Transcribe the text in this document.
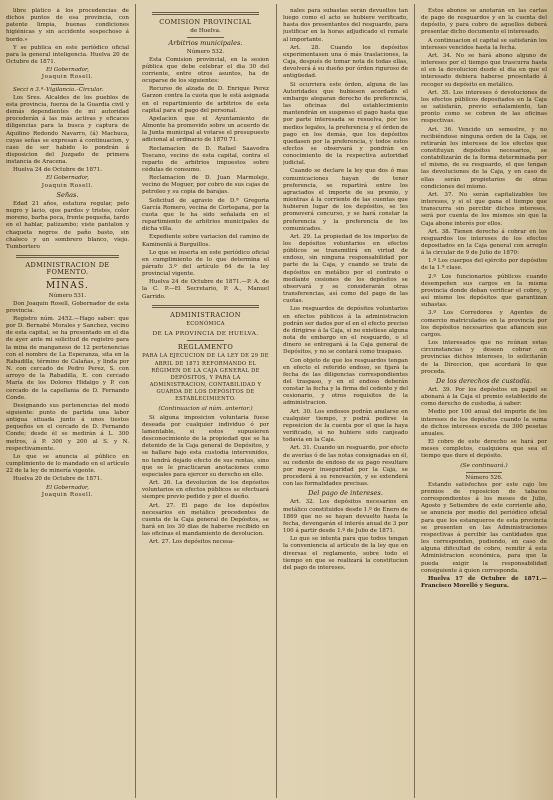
libre plático á los procedencias de dichos puntos de esa provincia, con patente limpia, buenas condiciones higiénicas y sin accidente sospechoso á bordo.»

Y se publica en este periódico oficial para la general inteligencia. Huelva 20 de Octubre de 1871.

El Gobernador,
Joaquin Rosell.

Secci n 3.ª–Vigilancia.–Circular.

Los Sres. Alcaldes de los pueblos de esta provincia, fuerza de la Guardia civil y demás dependientes de mi autoridad procederán á las más activas y eficaces diligencias para la busca y captura de Aquilino Redondo Navarro, (á) Machuca, cuyas señas se expresan á continuacion, y caso de ser habido lo pondrán á disposicion del Juzgado de primera instancia de Aracena.

Huelva 24 de Octubre de 1871.

El Gobernador,
Joaquin Rosell.
Señas.

Edad 21 años, estatura regular, pelo negro y lacio, ojos pardos y tristes, color moreno, barba poca, frente pequeña, tardo en el hablar, patizambo; viste pantalon y chaqueta negros de paño basto, sin chaleco y un sombrero blanco, viejo. Tumbortero

ADMINISTRACION DE FOMENTO.
MINAS.
Número 531.

Don Joaquin Rosell, Gobernador de esta provincia.

Registro núm. 2452.—Hago saber: que por D. Bernabé Morales y Sanchez, vecino de esta capital, se ha presentado en el dia de ayer ante mi solicitud de registro para la mina de manganeso de 12 pertenencias con el nombre de La Esperanza, sita en la Rabadilla, término de Calañas, y linda por N. con cercado de Pedro Perez, S. con arroyo de la Rabadilla, E. con cercado María de los Dolores Hidalgo y P. con cercado de la capellania de D. Fernando Conde.

Designando sus pertenencias del modo siguiente: punto de partida una labor antigua situada junto á unos tiestos pequeños en el cercado de D. Fernando Conde; desde él se medirán á L. 300 metros, á P. 300 y 200 al S. y N. respectivamente.

Lo que se anuncia al público en cumplimiento de lo mandado en el artículo 22 de la ley de minería vigente.

Huelva 20 de Octubre de 1871.

El Gobernador,
Joaquin Rosell.
COMISION PROVINCIAL
de Huelva.
Arbitrios municipales.
Número 532.

Esta Comision provincial, en la sesion pública que debe celebrar el dia 30 del corriente, entre otros asuntos, ha de ocuparse de los siguientes:

Recurso de alzada de D. Enrique Perez Garzon contra la cuota que le está asignada en el repartimiento de arbitrios de esta capital para el pago del personal.

Apelacion que el Ayuntamiento de Almonte ha promovido sobre un acuerdo de la Junta municipal al votarse el presupuesto adicional al ordinario de 1870 71.

Reclamacion de D. Rafael Saavedra Toscano, vecino de esta capital, contra el reparto de arbitrios impuestos sobre cédulas de consumo.

Reclamacion de D. Juan Marmolejo, vecino de Moguer, por cobro de sus cajas de petroleo y su copia de barajas.

Solicitud de agravio de D.ª Gregoria García Romero, vecina de Cortegana, por la cuota que le ha sido señalada en el repartimiento de arbitrios municipales de dicha villa.

Expediente sobre variacion del camino de Kaminenlá á Burguillos.

Lo que se inserta en este periódico oficial en cumplimiento de lo que determina el párrafo 3.º del artículo 64 de la ley provincial vigente.

Huelva 24 de Octubre de 1871.—P. A. de la C. P.—El Secretario, P. A., Manuel Garrido.

ADMINISTRACION
ECONÓMICA
DE LA PROVINCIA DE HUELVA.
REGLAMENTO
PARA LA EJECUCION DE LA LEY DE 29 DE ABRIL DE 1871 REFORMANDO EL RÉGIMEN DE LA CAJA GENERAL DE DEPÓSITOS, Y PARA LA ADMINISTRACION, CONTABILIDAD Y GUARDA DE LOS DEPÓSITOS DE ESTABLECIMIENTO.
(Continuacion al núm. anterior.)

Si alguna imposicion voluntaria fuese deseada por cualquier individuo ó por lamentable, si estos supusieren desconocimiento de la propiedad que se ha detenido de la Caja general de Depósitos, y se hallare bajo esta custodia intervenidos, no tendrá dejado efecto de sus rentas, sino que se le practicaran anotaciones como especiales para ejercer su derecho en ello.

Art. 26. La devolucion de los depósitos voluntarios en efectos públicos se efectuará siempre previo pedido y por el dueño.

Art. 27. El pago de los depósitos necesarios en metálico procedentes de cuenta de la Caja general de Depósitos, se hará en los 30 dias de haberse recibido en las oficinas el mandamiento de devolucion.

Art. 27. Los depósitos necesa-

nales para subastas serán devueltos tan luego como el acto se hubiere verificado, hasta dos presentantes del resguardo, para justificar en la horas adjudicado el remate al importante.

Art. 28. Cuando los depósitos experimentasen una ó más traslaciones, la Caja, después de tomar nota de todas ellas, devolverá á su dueño por órden riguroso de antigüedad.

Si ocurriera este órden, alguna de las Autoridades que hubiesen acordado el embargo alegaran derecho de preferencia, las oficinas del establecimiento mantendrán en suspenso el pago hasta que por parte interesada se resuelva, por los medios legales, la preferencia y el órden de pago en los demás, que los depósitos quedasen por la preferencia, y todos estos efectos se observará y pondrán en conocimiento de la respectiva autoridad judicial.

Cuando se declare la ley que dos ó mas comunicaciones hayan de tener preferencia, se repartirá entre los agraciados el importe de su premio, y mientras á la corriente de las cuentas que hubieren lugar de los depósitos, se les promoverá concurso, y se hará constar la preferencia y la preferencia de los comunicados.

Art. 29. La propiedad de los importes de los depósitos voluntarios en efectos públicos se transmitirá en virtud de endoso, sin ninguna responsabilidad por parte de la Caja, y cuando se trate de depósitos en metálico por el contrato o mediante cesiones de los depósitos se observará y se considerarán otras transferencias, así como del pago de las cuotas.

Los resguardos de depósitos voluntarios en efectos públicos á la administracion podrán ser dados por el en el efecto preciso de dirigirse á la Caja, si no existiese alguna nota de embargo en el resguardo, o el dinero se entregará á la Caja general de Depósitos, y no se contará como traspaso.

Con objeto de que los resguardos tengan en efecto el referido endoso, se fijará la fecha de las diligencias correspondientes del traspaso, y en el endoso deberán constar la fecha y la firma del cedente y del cesionario, y otros requisitos de la administracion.

Art. 30. Los endosos podrán anularse en cualquier tiempo, y podrá pedirse la reposicion de la cuenta por el que la haya verificado, si no hubiere sido canjeado todavía en la Caja.

Art. 31. Cuando un resguardo, por efecto de averías ó de las notas consignadas en él, su cedente de endoso de su pago resultare por mayor inseguridad por la Caja, se procederá á su renovación, y se extenderá con las formalidades precisas.

Del pago de intereses.

Art. 32. Los depósitos necesarios en metálico constituidos desde 1.º de Enero de 1869 que no se hayan devuelto hasta la fecha, devengarán el interés anual de 3 por 100 á partir desde 1.º de Julio de 1871.

Lo que se intenta para que todos tengan la conveniencia al artículo de la ley que en diversas el reglamento, sobre todo el tiempo en que se realizará la constitucion del pago de intereses.

Estos abonos se anotarán en las cartas de pago de resguardos y en la cuenta del depósito, y para cobro de aquellos deberá presentar dicho documento el interesado.

A continuacion el capital se satisfarán los intereses vencidos hasta la fecha.

Art. 34. No se hará abono alguno de intereses por el tiempo que trascurra hasta el en la devolucion desde el dia en que el interesado debiera haberse presentado á recoger su depósito en metálico.

Art. 35. Los intereses ó devoluciones de los efectos públicos depositados en la Caja se satisfarán, previo señalamiento, tan pronto como se cobren de las oficinas respectivas.

Art. 36. Vencido un semestre, y no recibiéndose ninguna orden de la Caja, se retirarán los intereses de los efectos que constituyan depósitos necesarios, se contabilizarán de la forma determinada por el mismo, de su resguardo, el que tengan las devoluciones de la Caja, y en caso de ellas serán propietarios de otras condiciones del mismo.

Art. 37. No serán capitalizables los intereses, y si el que gana el tiempo que transcurra sin percibir dichos intereses, será por cuenta de los mismos sin que la Caja abone interés por ellos.

Art. 38. Tienen derecho á cobrar en los resguardos los intereses de los efectos depositados en la Caja general con arreglo á la circular de 9 de Julio de 1870:

1.º Los cuerpos del ejército por depósitos de la 1.ª clase.

2.º Los funcionarios públicos cuando desempeñen sus cargos en la misma provincia donde deban verificar el cobro, y así mismo los depósitos que garantizan subastas.

3.º Los Corredores y Agentes de comercio matriculados en la provincia por los depósitos necesarios que afiancen sus cargos.

Los interesados que no reúnan estas circunstancias y deseen cobrar en provincias dichos intereses, lo solicitarán de la Direccion, que acordará lo que proceda.

De los derechos de custodia.

Art. 39. Por los depósitos en papel se abonará á la Caja el premio establecido de como derecho de custodia, á saber:

Medio por 100 anual del importe de los intereses de los depósitos cuando la suma de dichos intereses exceda de 300 pesetas anuales.

El cobro de este derecho se hará por meses completos, cualquiera que sea el tiempo que dure el depósito.

(Se continuará.)
Número 526.

Estando satisfechos por este cajo los premios de reposicion de tabacos correspondientes á los meses de Julio, Agosto y Setiembre de este corriente año, se anuncia por medio del periódico oficial para que los estanqueros de esta provincia se presenten en las Administraciones respectivas á percibir las cantidades que les corresponden, pudiendo, en caso de alguna dificultad de cobro, remitir á esta Administracion económica, para que la pueda exigir la responsabilidad consiguiente á quien corresponda.

Huelva 17 de Octubre de 1871.—Francisco Morelló y Segura.
